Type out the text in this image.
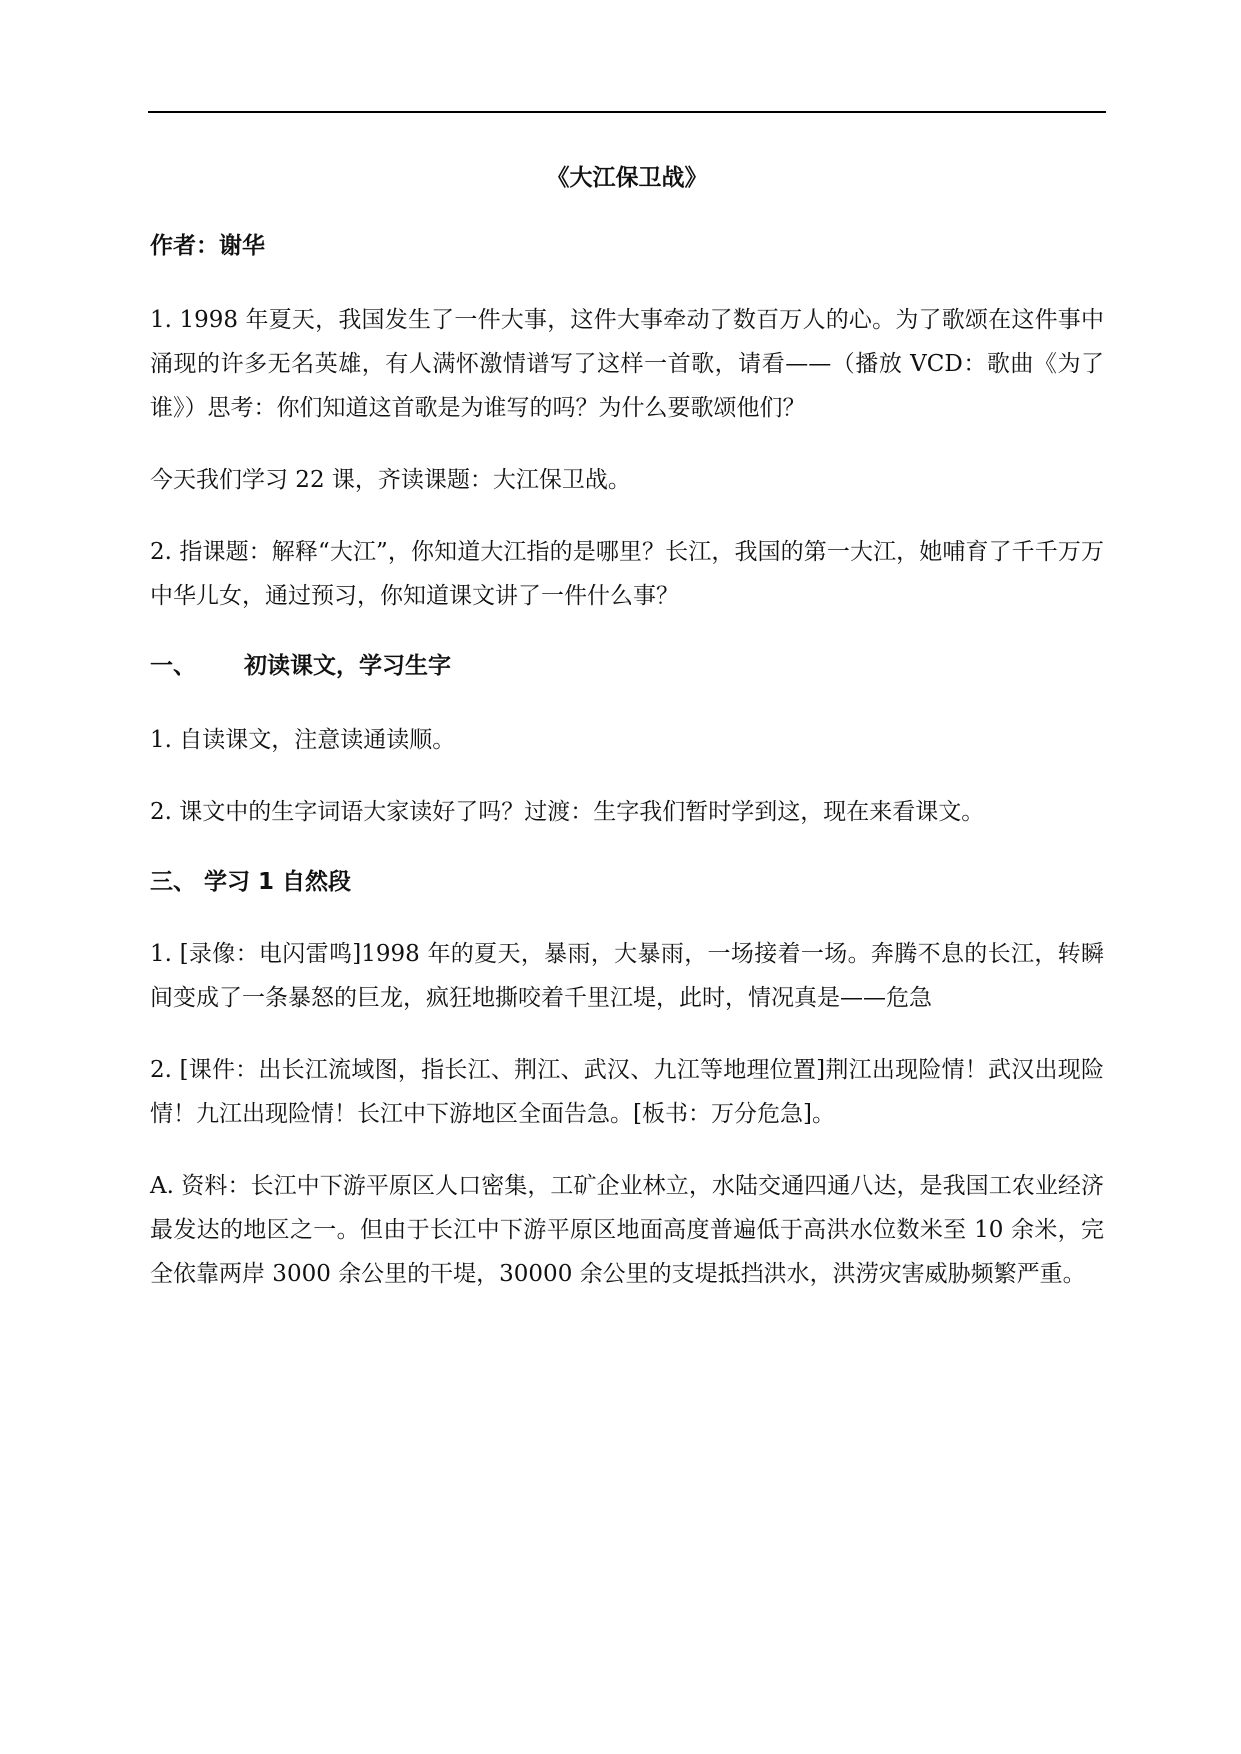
《大江保卫战》
作者：谢华

1. 1998 年夏天，我国发生了一件大事，这件大事牵动了数百万人的心。为了歌颂在这件事中涌现的许多无名英雄，有人满怀激情谱写了这样一首歌，请看——（播放 VCD：歌曲《为了谁》）思考：你们知道这首歌是为谁写的吗？为什么要歌颂他们？

今天我们学习 22 课，齐读课题：大江保卫战。

2. 指课题：解释“大江”，你知道大江指的是哪里？长江，我国的第一大江，她哺育了千千万万中华儿女，通过预习，你知道课文讲了一件什么事？

一、      初读课文，学习生字

1. 自读课文，注意读通读顺。

2. 课文中的生字词语大家读好了吗？过渡：生字我们暂时学到这，现在来看课文。

三、 学习 1 自然段

1. [录像：电闪雷鸣]1998 年的夏天，暴雨，大暴雨，一场接着一场。奔腾不息的长江，转瞬间变成了一条暴怒的巨龙，疯狂地撕咬着千里江堤，此时，情况真是——危急

2. [课件：出长江流域图，指长江、荆江、武汉、九江等地理位置]荆江出现险情！武汉出现险情！九江出现险情！长江中下游地区全面告急。[板书：万分危急]。

A. 资料：长江中下游平原区人口密集，工矿企业林立，水陆交通四通八达，是我国工农业经济最发达的地区之一。但由于长江中下游平原区地面高度普遍低于高洪水位数米至 10 余米，完全依靠两岸 3000 余公里的干堤，30000 余公里的支堤抵挡洪水，洪涝灾害威胁频繁严重。
